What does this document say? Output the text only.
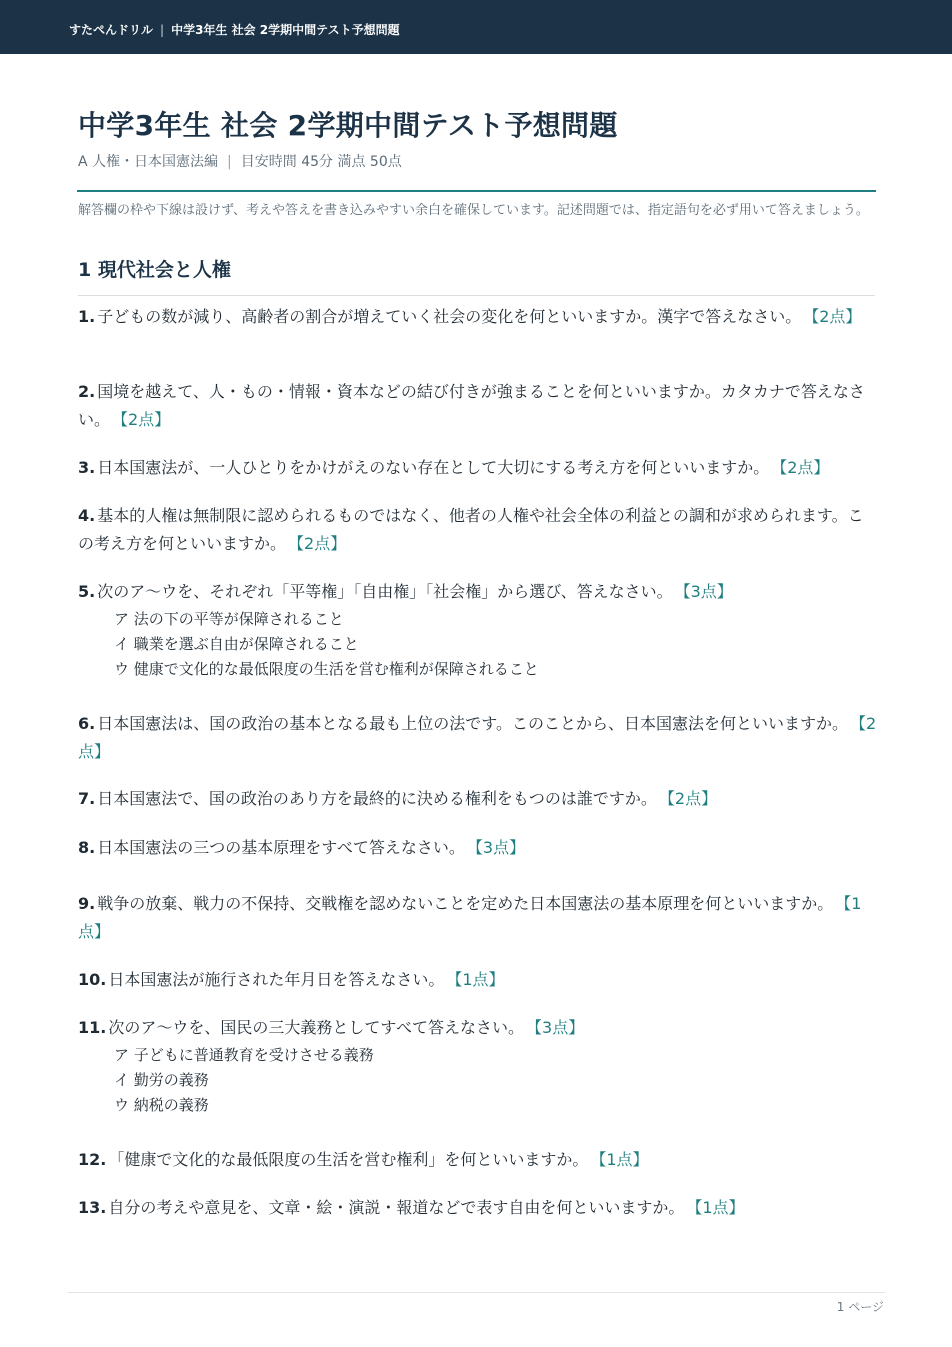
すたぺんドリル | 中学3年生 社会 2学期中間テスト予想問題
中学3年生 社会 2学期中間テスト予想問題
A 人権・日本国憲法編 | 目安時間 45分 満点 50点

解答欄の枠や下線は設けず、考えや答えを書き込みやすい余白を確保しています。記述問題では、指定語句を必ず用いて答えましょう。

1 現代社会と人権
1. 子どもの数が減り、高齢者の割合が増えていく社会の変化を何といいますか。漢字で答えなさい。 【2点】
2. 国境を越えて、人・もの・情報・資本などの結び付きが強まることを何といいますか。カタカナで答えなさい。 【2点】
3. 日本国憲法が、一人ひとりをかけがえのない存在として大切にする考え方を何といいますか。 【2点】
4. 基本的人権は無制限に認められるものではなく、他者の人権や社会全体の利益との調和が求められます。この考え方を何といいますか。 【2点】
5. 次のア〜ウを、それぞれ「平等権」「自由権」「社会権」から選び、答えなさい。 【3点】
ア 法の下の平等が保障されること
イ 職業を選ぶ自由が保障されること
ウ 健康で文化的な最低限度の生活を営む権利が保障されること
6. 日本国憲法は、国の政治の基本となる最も上位の法です。このことから、日本国憲法を何といいますか。 【2点】
7. 日本国憲法で、国の政治のあり方を最終的に決める権利をもつのは誰ですか。 【2点】
8. 日本国憲法の三つの基本原理をすべて答えなさい。 【3点】
9. 戦争の放棄、戦力の不保持、交戦権を認めないことを定めた日本国憲法の基本原理を何といいますか。 【1点】
10. 日本国憲法が施行された年月日を答えなさい。 【1点】
11. 次のア〜ウを、国民の三大義務としてすべて答えなさい。 【3点】
ア 子どもに普通教育を受けさせる義務
イ 勤労の義務
ウ 納税の義務
12. 「健康で文化的な最低限度の生活を営む権利」を何といいますか。 【1点】
13. 自分の考えや意見を、文章・絵・演説・報道などで表す自由を何といいますか。 【1点】
1 ページ
